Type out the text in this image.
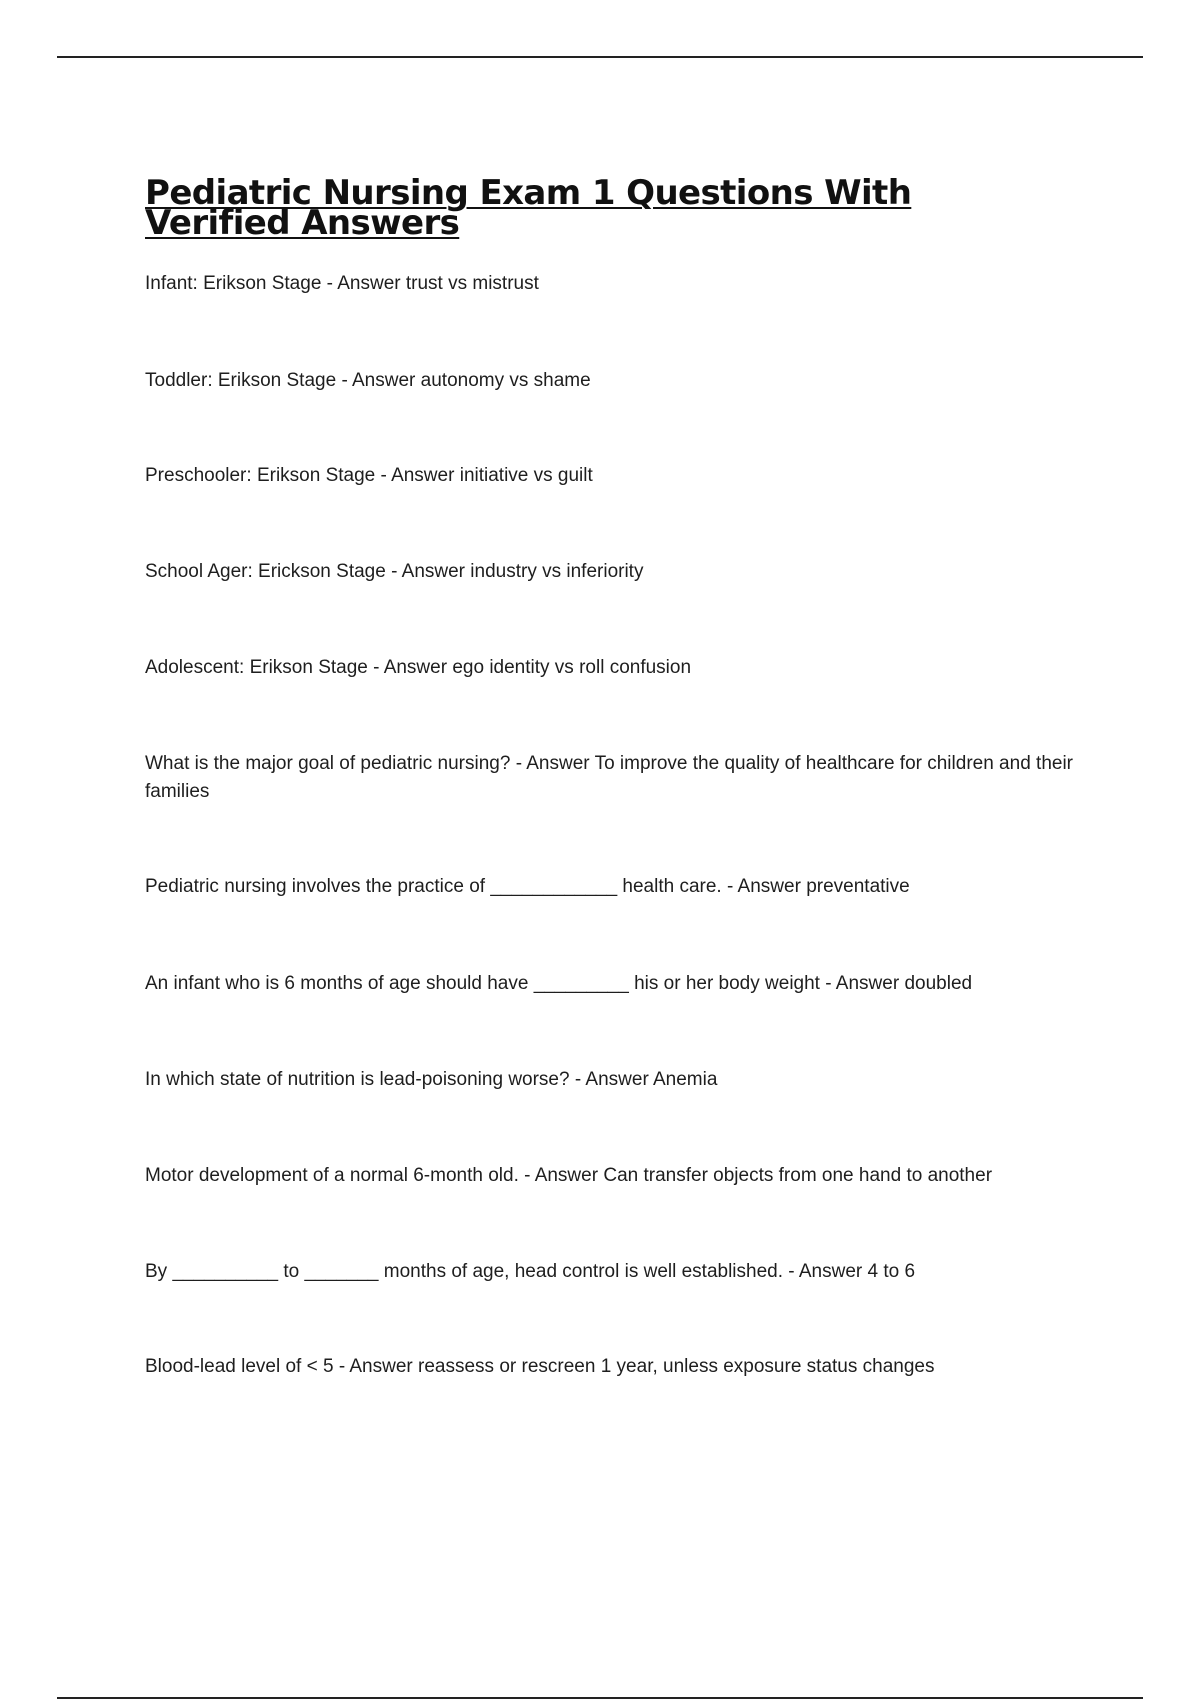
Pediatric Nursing Exam 1 Questions With Verified Answers

Infant: Erikson Stage - Answer trust vs mistrust

Toddler: Erikson Stage - Answer autonomy vs shame

Preschooler: Erikson Stage - Answer initiative vs guilt

School Ager: Erickson Stage - Answer industry vs inferiority

Adolescent: Erikson Stage - Answer ego identity vs roll confusion

What is the major goal of pediatric nursing? - Answer To improve the quality of healthcare for children and their families

Pediatric nursing involves the practice of ____________ health care. - Answer preventative

An infant who is 6 months of age should have _________ his or her body weight - Answer doubled

In which state of nutrition is lead-poisoning worse? - Answer Anemia

Motor development of a normal 6-month old. - Answer Can transfer objects from one hand to another

By __________ to _______ months of age, head control is well established. - Answer 4 to 6

Blood-lead level of < 5 - Answer reassess or rescreen 1 year, unless exposure status changes
